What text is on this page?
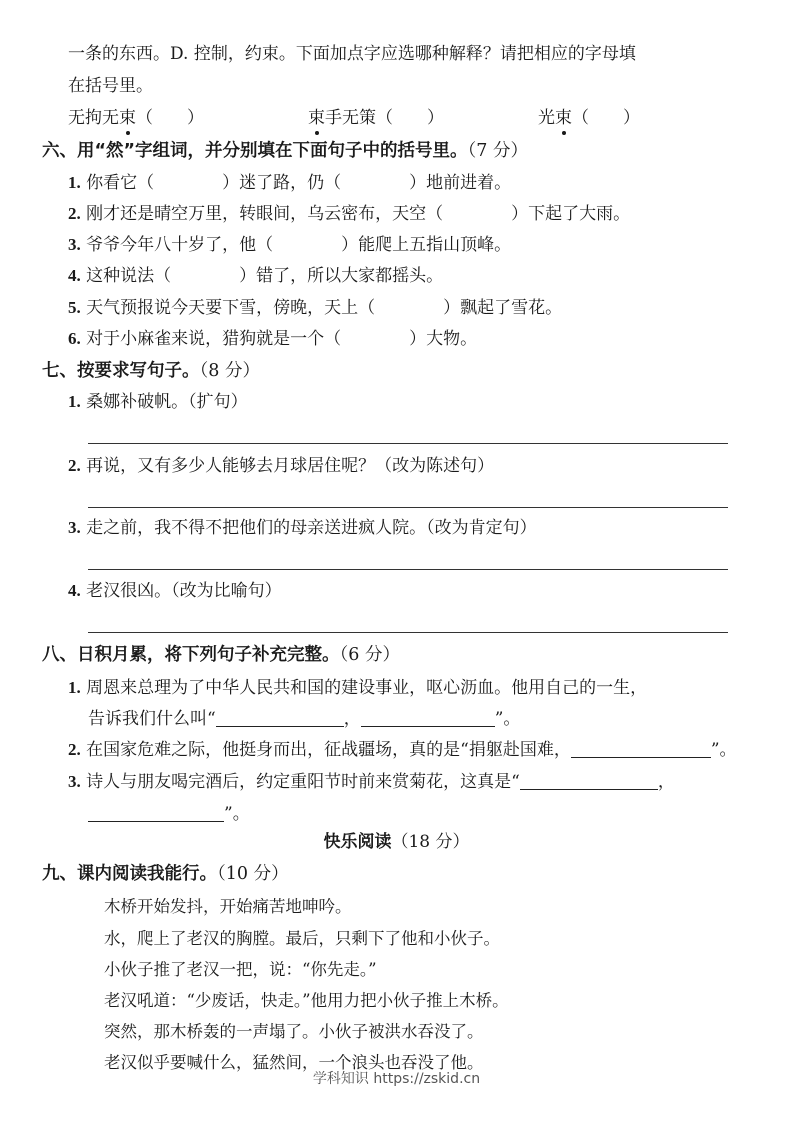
一条的东西。D. 控制，约束。下面加点字应选哪种解释？请把相应的字母填
在括号里。
无拘无束（　　）	束手无策（　　）	光束（　　）
六、用“然”字组词，并分别填在下面句子中的括号里。（7 分）
1. 你看它（　　　　）迷了路，仍（　　　　）地前进着。
2. 刚才还是晴空万里，转眼间，乌云密布，天空（　　　　）下起了大雨。
3. 爷爷今年八十岁了，他（　　　　）能爬上五指山顶峰。
4. 这种说法（　　　　）错了，所以大家都摇头。
5. 天气预报说今天要下雪，傍晚，天上（　　　　）飘起了雪花。
6. 对于小麻雀来说，猎狗就是一个（　　　　）大物。
七、按要求写句子。（8 分）
1. 桑娜补破帆。（扩句）
2. 再说，又有多少人能够去月球居住呢？（改为陈述句）
3. 走之前，我不得不把他们的母亲送进疯人院。（改为肯定句）
4. 老汉很凶。（改为比喻句）
八、日积月累，将下列句子补充完整。（6 分）
1. 周恩来总理为了中华人民共和国的建设事业，呕心沥血。他用自己的一生，
告诉我们什么叫“	，	”。
2. 在国家危难之际，他挺身而出，征战疆场，真的是“捐躯赴国难，	”。
3. 诗人与朋友喝完酒后，约定重阳节时前来赏菊花，这真是“	，
”。
快乐阅读（18 分）
九、课内阅读我能行。（10 分）
木桥开始发抖，开始痛苦地呻吟。
水，爬上了老汉的胸膛。最后，只剩下了他和小伙子。
小伙子推了老汉一把，说：“你先走。”
老汉吼道：“少废话，快走。”他用力把小伙子推上木桥。
突然，那木桥轰的一声塌了。小伙子被洪水吞没了。
老汉似乎要喊什么，猛然间，一个浪头也吞没了他。
学科知识 https://zskid.cn
